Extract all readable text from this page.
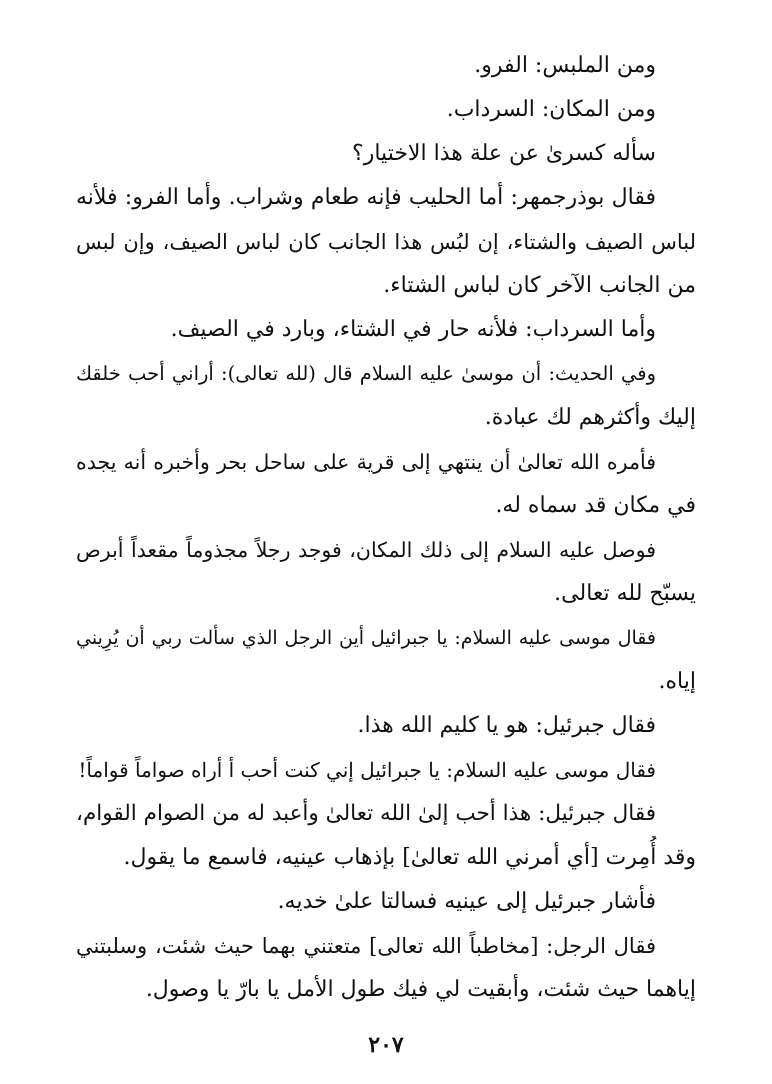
ومن الملبس: الفرو.
ومن المكان: السرداب.
سأله كسرىٰ عن علة هذا الاختيار؟
فقال بوذرجمهر: أما الحليب فإنه طعام وشراب. وأما الفرو: فلأنه
لباس الصيف والشتاء، إن لبُس هذا الجانب كان لباس الصيف، وإن لبس
من الجانب الآخر كان لباس الشتاء.
وأما السرداب: فلأنه حار في الشتاء، وبارد في الصيف.
وفي الحديث: أن موسىٰ عليه السلام قال (لله تعالى): أراني أحب خلقك
إليك وأكثرهم لك عبادة.
فأمره الله تعالىٰ أن ينتهي إلى قرية على ساحل بحر وأخبره أنه يجده
في مكان قد سماه له.
فوصل عليه السلام إلى ذلك المكان، فوجد رجلاً مجذوماً مقعداً أبرص
يسبّح لله تعالى.
فقال موسى عليه السلام: يا جبرائيل أين الرجل الذي سألت ربي أن يُرِيني
إياه.
فقال جبرئيل: هو يا كليم الله هذا.
فقال موسى عليه السلام: يا جبرائيل إني كنت أحب أ أراه صواماً قواماً!
فقال جبرئيل: هذا أحب إلىٰ الله تعالىٰ وأعبد له من الصوام القوام،
وقد أُمِرت [أي أمرني الله تعالىٰ] بإذهاب عينيه، فاسمع ما يقول.
فأشار جبرئيل إلى عينيه فسالتا علىٰ خديه.
فقال الرجل: [مخاطباً الله تعالى] متعتني بهما حيث شئت، وسلبتني
إياهما حيث شئت، وأبقيت لي فيك طول الأمل يا بارّ يا وصول.
٢٠٧
